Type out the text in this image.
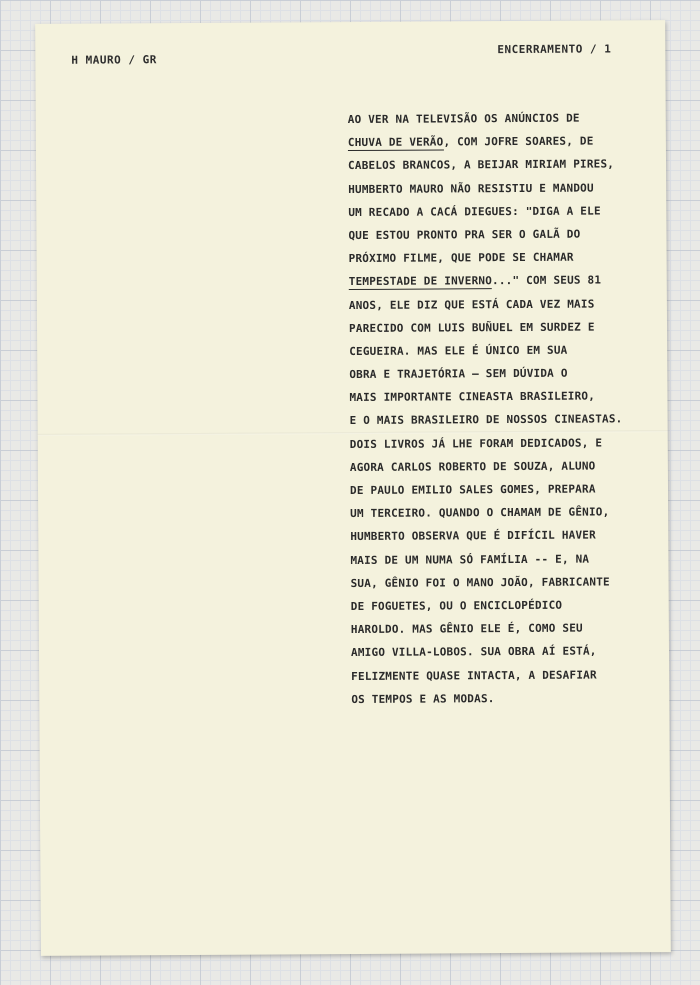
H MAURO / GR
ENCERRAMENTO / 1
AO VER NA TELEVISÃO OS ANÚNCIOS DE
CHUVA DE VERÃO, COM JOFRE SOARES, DE
CABELOS BRANCOS, A BEIJAR MIRIAM PIRES,
HUMBERTO MAURO NÃO RESISTIU E MANDOU
UM RECADO A CACÁ DIEGUES: "DIGA A ELE
QUE ESTOU PRONTO PRA SER O GALÃ DO
PRÓXIMO FILME, QUE PODE SE CHAMAR
TEMPESTADE DE INVERNO..." COM SEUS 81
ANOS, ELE DIZ QUE ESTÁ CADA VEZ MAIS
PARECIDO COM LUIS BUÑUEL EM SURDEZ E
CEGUEIRA. MAS ELE É ÚNICO EM SUA
OBRA E TRAJETÓRIA — SEM DÚVIDA O
MAIS IMPORTANTE CINEASTA BRASILEIRO,
E O MAIS BRASILEIRO DE NOSSOS CINEASTAS.
DOIS LIVROS JÁ LHE FORAM DEDICADOS, E
AGORA CARLOS ROBERTO DE SOUZA, ALUNO
DE PAULO EMILIO SALES GOMES, PREPARA
UM TERCEIRO. QUANDO O CHAMAM DE GÊNIO,
HUMBERTO OBSERVA QUE É DIFÍCIL HAVER
MAIS DE UM NUMA SÓ FAMÍLIA -- E, NA
SUA, GÊNIO FOI O MANO JOÃO, FABRICANTE
DE FOGUETES, OU O ENCICLOPÉDICO
HAROLDO. MAS GÊNIO ELE É, COMO SEU
AMIGO VILLA-LOBOS. SUA OBRA AÍ ESTÁ,
FELIZMENTE QUASE INTACTA, A DESAFIAR
OS TEMPOS E AS MODAS.
